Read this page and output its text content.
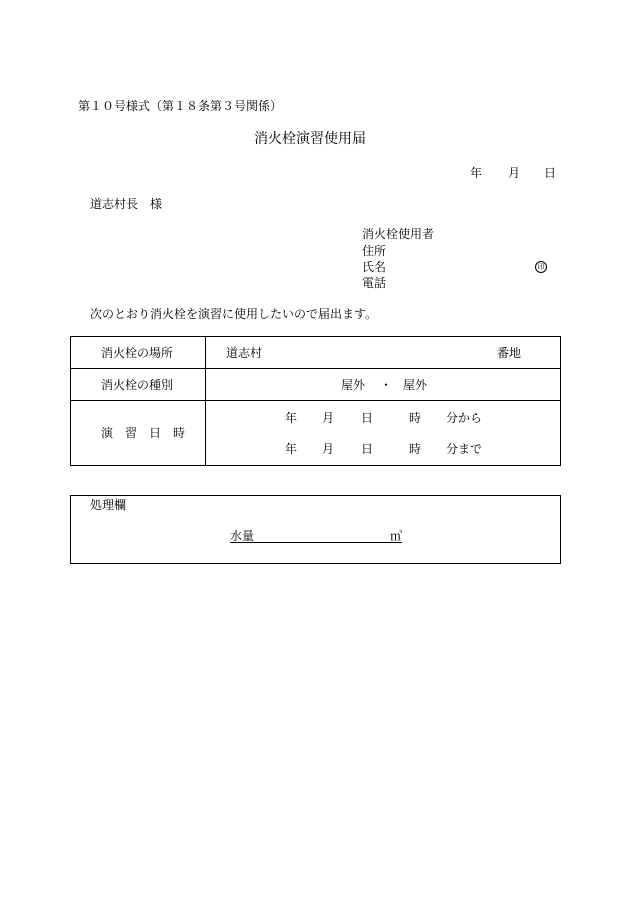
第１０号様式（第１８条第３号関係）
消火栓演習使用届
年 月 日
道志村長　様
消火栓使用者
住所
氏名	印
電話
次のとおり消火栓を演習に使用したいので届出ます。
消火栓の場所	道志村	番地
消火栓の種別	屋外 ・ 屋外
演　習　日　時
年 月 日	時 分から
年 月 日	時 分まで
処理欄
水量	㎥
